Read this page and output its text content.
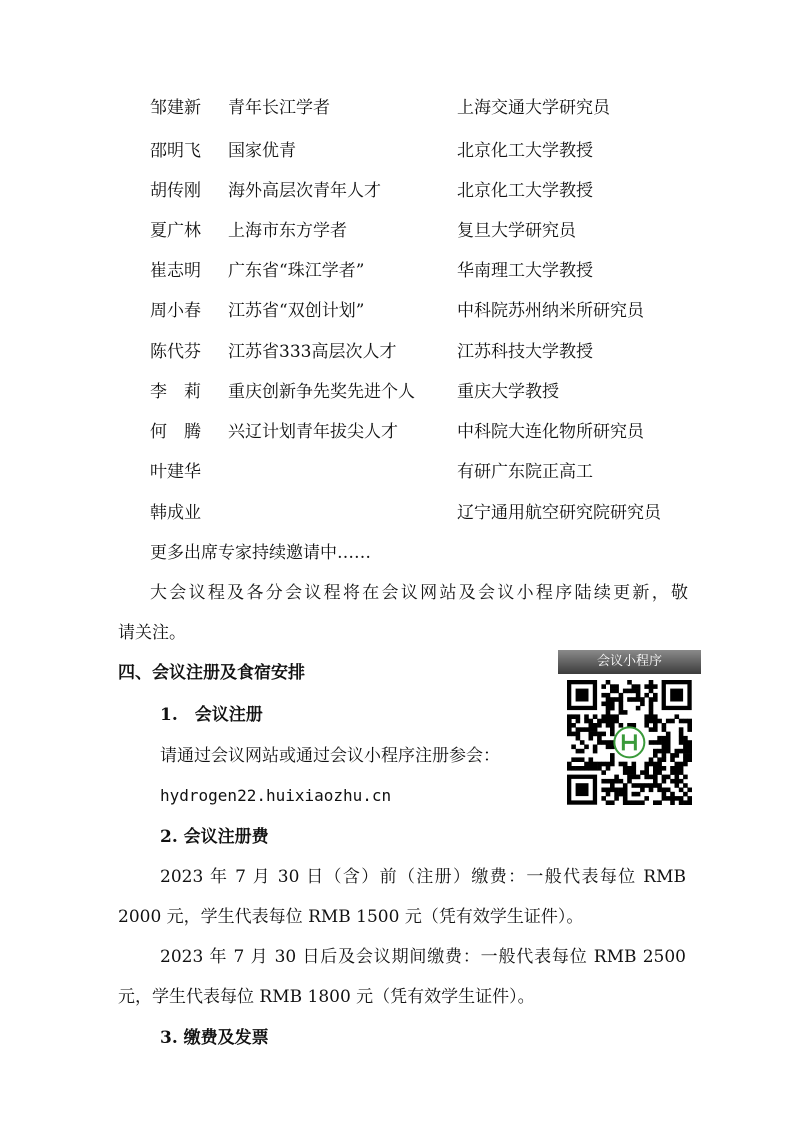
邹建新 青年长江学者	上海交通大学研究员
邵明飞 国家优青	北京化工大学教授
胡传刚 海外高层次青年人才	北京化工大学教授
夏广林 上海市东方学者	复旦大学研究员
崔志明 广东省“珠江学者”	华南理工大学教授
周小春 江苏省“双创计划”	中科院苏州纳米所研究员
陈代芬 江苏省333高层次人才	江苏科技大学教授
李　莉 重庆创新争先奖先进个人 重庆大学教授
何　腾 兴辽计划青年拔尖人才	中科院大连化物所研究员
叶建华	有研广东院正高工
韩成业	辽宁通用航空研究院研究员
更多出席专家持续邀请中……
大会议程及各分会议程将在会议网站及会议小程序陆续更新，敬
请关注。
四、会议注册及食宿安排
1.　会议注册
请通过会议网站或通过会议小程序注册参会：
hydrogen22.huixiaozhu.cn
2. 会议注册费
2023 年 7 月 30 日（含）前（注册）缴费：一般代表每位 RMB
2000 元，学生代表每位 RMB 1500 元（凭有效学生证件）。
2023 年 7 月 30 日后及会议期间缴费：一般代表每位 RMB 2500
元，学生代表每位 RMB 1800 元（凭有效学生证件）。
3. 缴费及发票
会议小程序
